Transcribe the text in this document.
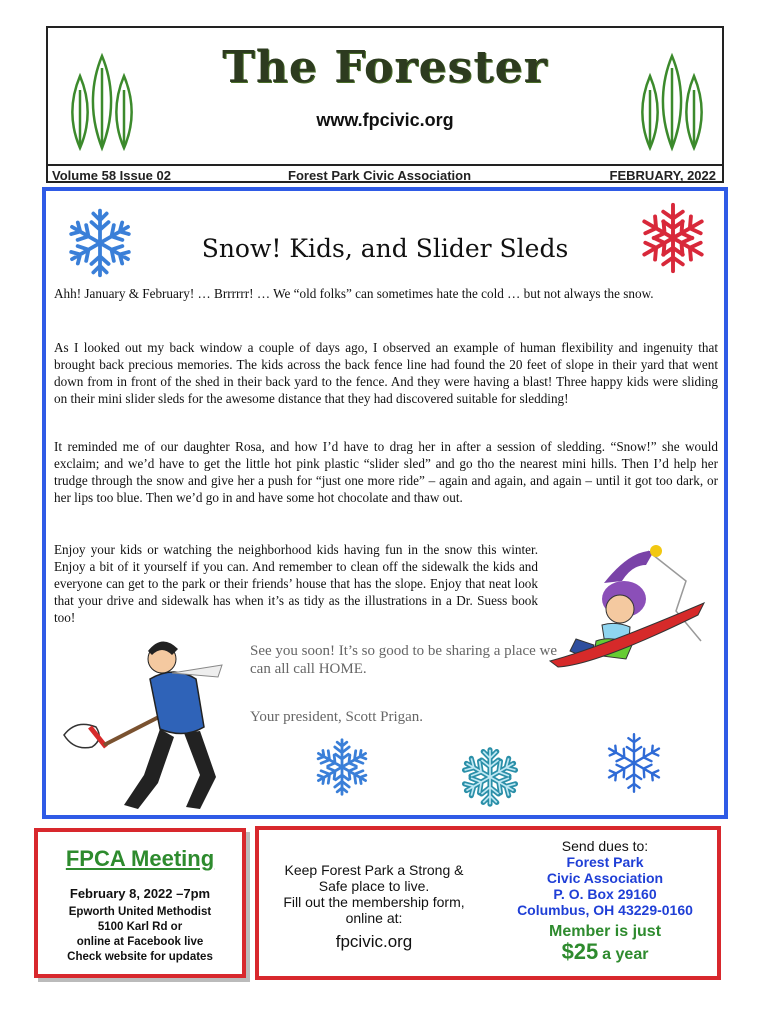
The Forester
www.fpcivic.org
Volume 58 Issue 02	Forest Park Civic Association	FEBRUARY, 2022
Snow! Kids, and Slider Sleds
Ahh! January & February! … Brrrrrr! … We “old folks” can sometimes hate the cold … but not always the snow.
As I looked out my back window a couple of days ago, I observed an example of human flexibility and ingenuity that brought back precious memories. The kids across the back fence line had found the 20 feet of slope in their yard that went down from in front of the shed in their back yard to the fence. And they were having a blast! Three happy kids were sliding on their mini slider sleds for the awesome distance that they had discovered suitable for sledding!
It reminded me of our daughter Rosa, and how I’d have to drag her in after a session of sledding. “Snow!” she would exclaim; and we’d have to get the little hot pink plastic “slider sled” and go tho the nearest mini hills. Then I’d help her trudge through the snow and give her a push for “just one more ride” – again and again, and again – until it got too dark, or her lips too blue. Then we’d go in and have some hot chocolate and thaw out.
Enjoy your kids or watching the neighborhood kids having fun in the snow this winter. Enjoy a bit of it yourself if you can. And remember to clean off the sidewalk the kids and everyone can get to the park or their friends’ house that has the slope. Enjoy that neat look that your drive and sidewalk has when it’s as tidy as the illustrations in a Dr. Suess book too!
See you soon! It’s so good to be sharing a place we can all call HOME.
Your president, Scott Prigan.
FPCA Meeting
February 8, 2022 –7pm
Epworth United Methodist
5100 Karl Rd or
online at Facebook live
Check website for updates
Keep Forest Park a Strong &
Safe place to live.
Fill out the membership form,
online at:
fpcivic.org
Send dues to:
Forest Park
Civic Association
P. O. Box 29160
Columbus, OH 43229-0160
Member is just
$25 a year
